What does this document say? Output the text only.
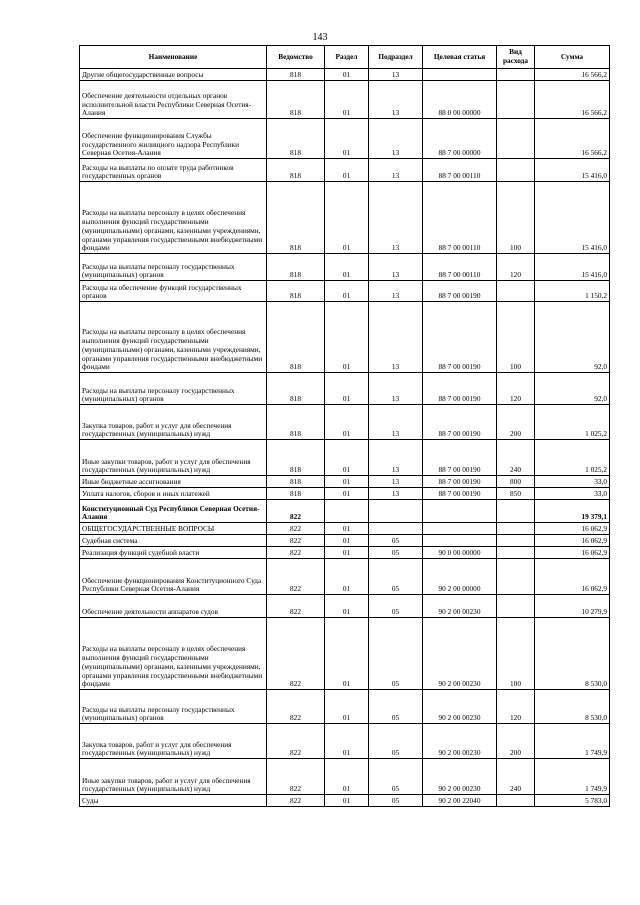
143
Наименование	Ведомство	Раздел	Подраздел	Целевая статья	Вид расхода	Сумма
Другие общегосударственные вопросы	818	01	13			16 566,2
Обеспечение деятельности отдельных органов исполнительной власти Республики Северная Осетия-Алания	818	01	13	88 0 00 00000		16 566,2
Обеспечение функционирования Службы государственного жилищного надзора Республики Северная Осетия-Алания	818	01	13	88 7 00 00000		16 566,2
Расходы на выплаты по оплате труда работников государственных органов	818	01	13	88 7 00 00110		15 416,0
Расходы на выплаты персоналу в целях обеспечения выполнения функций государственными (муниципальными) органами, казенными учреждениями, органами управления государственными внебюджетными фондами	818	01	13	88 7 00 00110	100	15 416,0
Расходы на выплаты персоналу государственных (муниципальных) органов	818	01	13	88 7 00 00110	120	15 416,0
Расходы на обеспечение функций государственных органов	818	01	13	88 7 00 00190		1 150,2
Расходы на выплаты персоналу в целях обеспечения выполнения функций государственными (муниципальными) органами, казенными учреждениями, органами управления государственными внебюджетными фондами	818	01	13	88 7 00 00190	100	92,0
Расходы на выплаты персоналу государственных (муниципальных) органов	818	01	13	88 7 00 00190	120	92,0
Закупка товаров, работ и услуг для обеспечения государственных (муниципальных) нужд	818	01	13	88 7 00 00190	200	1 025,2
Иные закупки товаров, работ и услуг для обеспечения государственных (муниципальных) нужд	818	01	13	88 7 00 00190	240	1 025,2
Иные бюджетные ассигнования	818	01	13	88 7 00 00190	800	33,0
Уплата налогов, сборов и иных платежей	818	01	13	88 7 00 00190	850	33,0
Конституционный Суд Республики Северная Осетия-Алания	822					19 379,1
ОБЩЕГОСУДАРСТВЕННЫЕ ВОПРОСЫ	822	01				16 062,9
Судебная система	822	01	05			16 062,9
Реализация функций судебной власти	822	01	05	90 0 00 00000		16 062,9
Обеспечение функционирования Конституционного Суда Республики Северная Осетия-Алания	822	01	05	90 2 00 00000		16 062,9
Обеспечение деятельности аппаратов судов	822	01	05	90 2 00 00230		10 279,9
Расходы на выплаты персоналу в целях обеспечения выполнения функций государственными (муниципальными) органами, казенными учреждениями, органами управления государственными внебюджетными фондами	822	01	05	90 2 00 00230	100	8 530,0
Расходы на выплаты персоналу государственных (муниципальных) органов	822	01	05	90 2 00 00230	120	8 530,0
Закупка товаров, работ и услуг для обеспечения государственных (муниципальных) нужд	822	01	05	90 2 00 00230	200	1 749,9
Иные закупки товаров, работ и услуг для обеспечения государственных (муниципальных) нужд	822	01	05	90 2 00 00230	240	1 749,9
Суды	822	01	05	90 2 00 22040		5 783,0
